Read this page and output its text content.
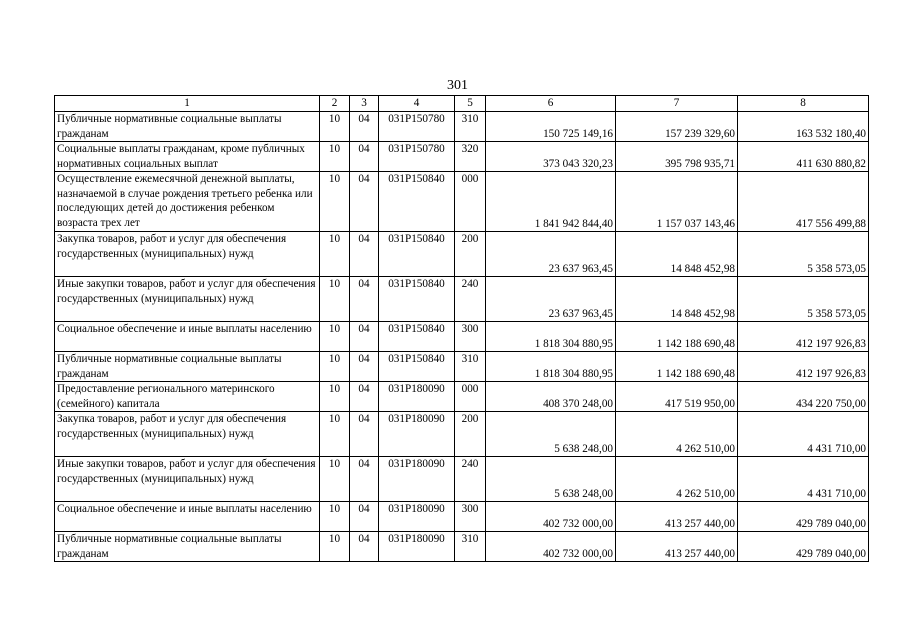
301
1	2	3	4	5	6	7	8
Публичные нормативные социальные выплаты гражданам	10	04	031P150780	310	150 725 149,16	157 239 329,60	163 532 180,40
Социальные выплаты гражданам, кроме публичных нормативных социальных выплат	10	04	031P150780	320	373 043 320,23	395 798 935,71	411 630 880,82
Осуществление ежемесячной денежной выплаты, назначаемой в случае рождения третьего ребенка или последующих детей до достижения ребенком возраста трех лет	10	04	031P150840	000	1 841 942 844,40	1 157 037 143,46	417 556 499,88
Закупка товаров, работ и услуг для обеспечения государственных (муниципальных) нужд	10	04	031P150840	200	23 637 963,45	14 848 452,98	5 358 573,05
Иные закупки товаров, работ и услуг для обеспечения государственных (муниципальных) нужд	10	04	031P150840	240	23 637 963,45	14 848 452,98	5 358 573,05
Социальное обеспечение и иные выплаты населению	10	04	031P150840	300	1 818 304 880,95	1 142 188 690,48	412 197 926,83
Публичные нормативные социальные выплаты гражданам	10	04	031P150840	310	1 818 304 880,95	1 142 188 690,48	412 197 926,83
Предоставление регионального материнского (семейного) капитала	10	04	031P180090	000	408 370 248,00	417 519 950,00	434 220 750,00
Закупка товаров, работ и услуг для обеспечения государственных (муниципальных) нужд	10	04	031P180090	200	5 638 248,00	4 262 510,00	4 431 710,00
Иные закупки товаров, работ и услуг для обеспечения государственных (муниципальных) нужд	10	04	031P180090	240	5 638 248,00	4 262 510,00	4 431 710,00
Социальное обеспечение и иные выплаты населению	10	04	031P180090	300	402 732 000,00	413 257 440,00	429 789 040,00
Публичные нормативные социальные выплаты гражданам	10	04	031P180090	310	402 732 000,00	413 257 440,00	429 789 040,00
